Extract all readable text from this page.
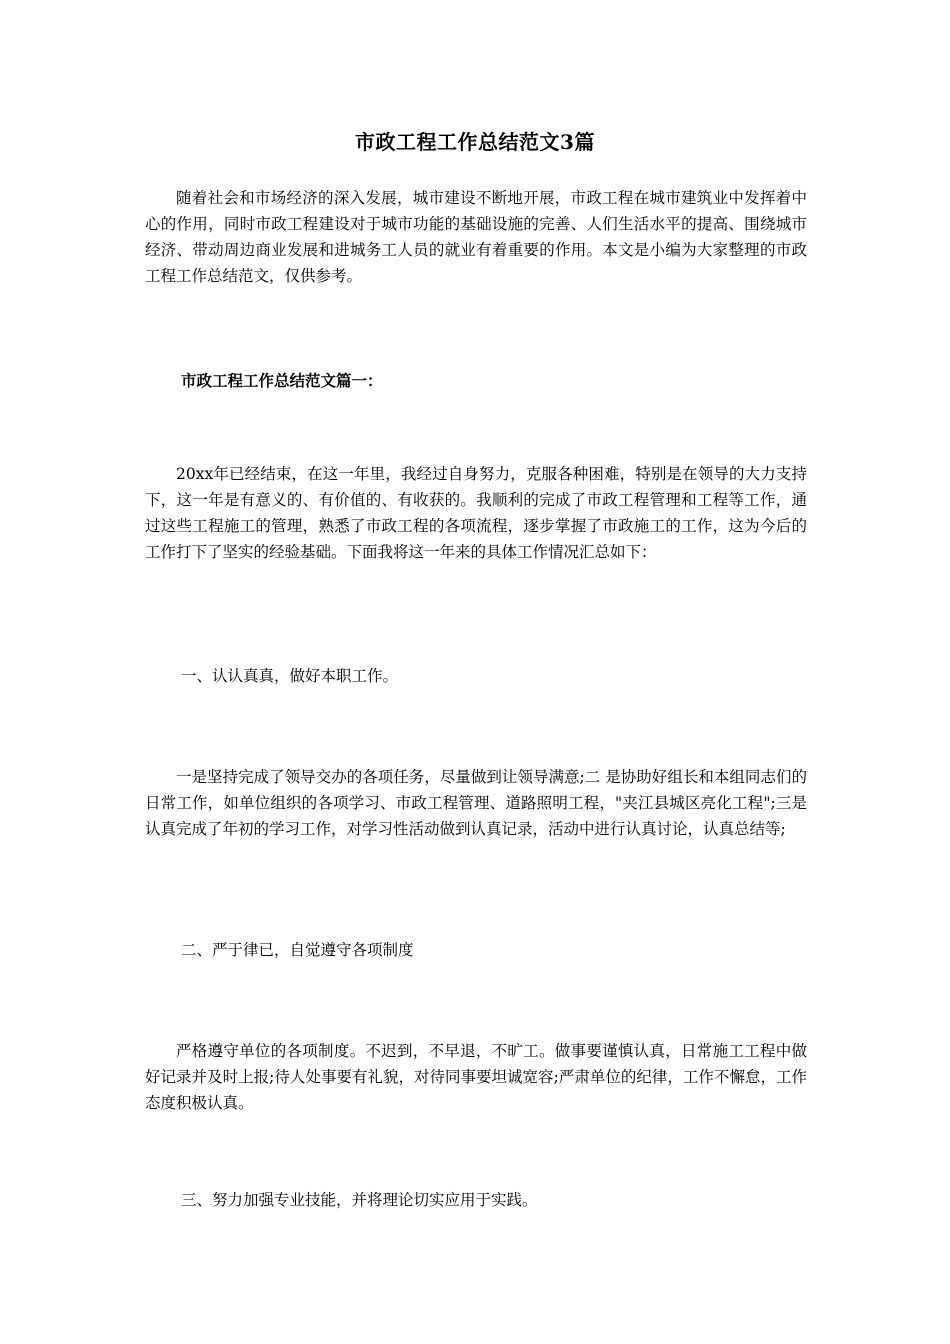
市政工程工作总结范文3篇

随着社会和市场经济的深入发展，城市建设不断地开展，市政工程在城市建筑业中发挥着中心的作用，同时市政工程建设对于城市功能的基础设施的完善、人们生活水平的提高、围绕城市经济、带动周边商业发展和进城务工人员的就业有着重要的作用。本文是小编为大家整理的市政工程工作总结范文，仅供参考。

市政工程工作总结范文篇一：

20xx年已经结束，在这一年里，我经过自身努力，克服各种困难，特别是在领导的大力支持下，这一年是有意义的、有价值的、有收获的。我顺利的完成了市政工程管理和工程等工作，通过这些工程施工的管理，熟悉了市政工程的各项流程，逐步掌握了市政施工的工作，这为今后的工作打下了坚实的经验基础。下面我将这一年来的具体工作情况汇总如下：

一、认认真真，做好本职工作。

一是坚持完成了领导交办的各项任务，尽量做到让领导满意;二 是协助好组长和本组同志们的日常工作，如单位组织的各项学习、市政工程管理、道路照明工程，"夹江县城区亮化工程";三是认真完成了年初的学习工作，对学习性活动做到认真记录，活动中进行认真讨论，认真总结等;

二、严于律已，自觉遵守各项制度

严格遵守单位的各项制度。不迟到，不早退，不旷工。做事要谨慎认真，日常施工工程中做好记录并及时上报;待人处事要有礼貌，对待同事要坦诚宽容;严肃单位的纪律，工作不懈怠，工作态度积极认真。

三、努力加强专业技能，并将理论切实应用于实践。
